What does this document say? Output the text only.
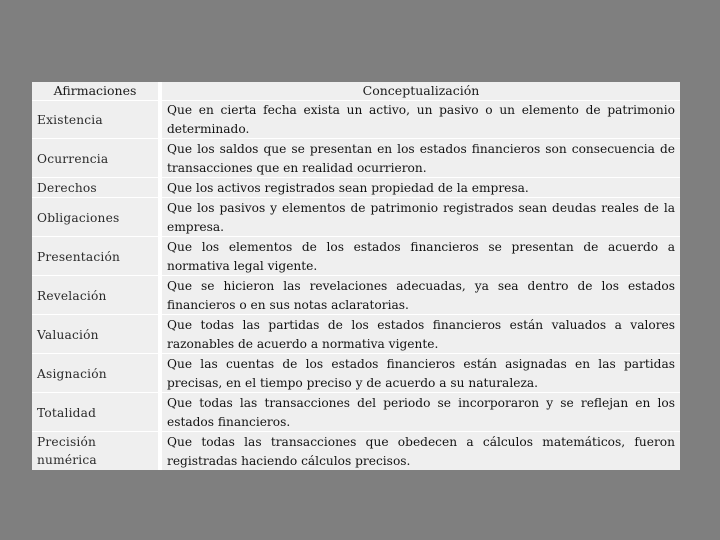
Afirmaciones
Existencia
Ocurrencia
Derechos
Obligaciones
Presentación
Revelación
Valuación
Asignación
Totalidad
Precisión numérica
Conceptualización
Que en cierta fecha exista un activo, un pasivo o un elemento de patrimonio determinado.
Que los saldos que se presentan en los estados financieros son consecuencia de transacciones que en realidad ocurrieron.
Que los activos registrados sean propiedad de la empresa.
Que los pasivos y elementos de patrimonio registrados sean deudas reales de la empresa.
Que los elementos de los estados financieros se presentan de acuerdo a normativa legal vigente.
Que se hicieron las revelaciones adecuadas, ya sea dentro de los estados financieros o en sus notas aclaratorias.
Que todas las partidas de los estados financieros están valuados a valores razonables de acuerdo a normativa vigente.
Que las cuentas de los estados financieros están asignadas en las partidas precisas, en el tiempo preciso y de acuerdo a su naturaleza.
Que todas las transacciones del periodo se incorporaron y se reflejan en los estados financieros.
Que todas las transacciones que obedecen a cálculos matemáticos, fueron registradas haciendo cálculos precisos.
